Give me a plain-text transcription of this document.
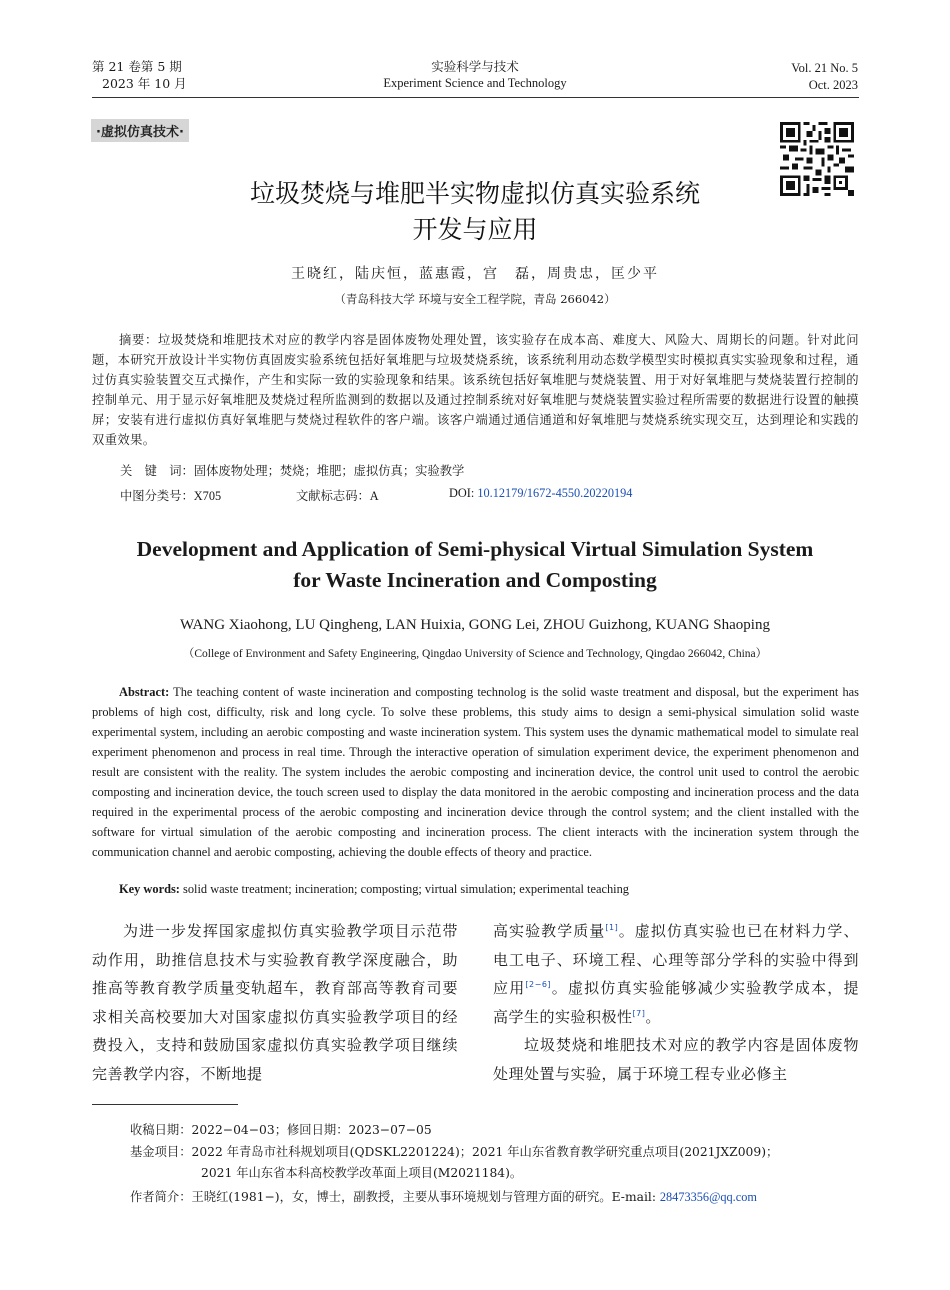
第 21 卷第 5 期
2023 年 10 月
实验科学与技术
Experiment Science and Technology
Vol. 21 No. 5
Oct. 2023
·虚拟仿真技术·
垃圾焚烧与堆肥半实物虚拟仿真实验系统
开发与应用
王晓红，陆庆恒，蓝惠霞，宫　磊，周贵忠，匡少平
（青岛科技大学 环境与安全工程学院，青岛 266042）
摘要：垃圾焚烧和堆肥技术对应的教学内容是固体废物处理处置，该实验存在成本高、难度大、风险大、周期长的问题。针对此问题，本研究开放设计半实物仿真固废实验系统包括好氧堆肥与垃圾焚烧系统，该系统利用动态数学模型实时模拟真实实验现象和过程，通过仿真实验装置交互式操作，产生和实际一致的实验现象和结果。该系统包括好氧堆肥与焚烧装置、用于对好氧堆肥与焚烧装置行控制的控制单元、用于显示好氧堆肥及焚烧过程所监测到的数据以及通过控制系统对好氧堆肥与焚烧装置实验过程所需要的数据进行设置的触摸屏；安装有进行虚拟仿真好氧堆肥与焚烧过程软件的客户端。该客户端通过通信通道和好氧堆肥与焚烧系统实现交互，达到理论和实践的双重效果。
关　键　词：固体废物处理；焚烧；堆肥；虚拟仿真；实验教学
中图分类号：X705	文献标志码：A	DOI: 10.12179/1672-4550.20220194
Development and Application of Semi-physical Virtual Simulation System
for Waste Incineration and Composting
WANG Xiaohong, LU Qingheng, LAN Huixia, GONG Lei, ZHOU Guizhong, KUANG Shaoping
（College of Environment and Safety Engineering, Qingdao University of Science and Technology, Qingdao 266042, China）
Abstract: The teaching content of waste incineration and composting technolog is the solid waste treatment and disposal, but the experiment has problems of high cost, difficulty, risk and long cycle. To solve these problems, this study aims to design a semi-physical simulation solid waste experimental system, including an aerobic composting and waste incineration system. This system uses the dynamic mathematical model to simulate real experiment phenomenon and process in real time. Through the interactive operation of simulation experiment device, the experiment phenomenon and result are consistent with the reality. The system includes the aerobic composting and incineration device, the control unit used to control the aerobic composting and incineration device, the touch screen used to display the data monitored in the aerobic composting and incineration process and the data required in the experimental process of the aerobic composting and incineration device through the control system; and the client installed with the software for virtual simulation of the aerobic composting and incineration process. The client interacts with the incineration system through the communication channel and aerobic composting, achieving the double effects of theory and practice.
Key words: solid waste treatment; incineration; composting; virtual simulation; experimental teaching

为进一步发挥国家虚拟仿真实验教学项目示范带动作用，助推信息技术与实验教育教学深度融合，助推高等教育教学质量变轨超车，教育部高等教育司要求相关高校要加大对国家虚拟仿真实验教学项目的经费投入，支持和鼓励国家虚拟仿真实验教学项目继续完善教学内容，不断地提

高实验教学质量[1]。虚拟仿真实验也已在材料力学、电工电子、环境工程、心理等部分学科的实验中得到应用[2−6]。虚拟仿真实验能够减少实验教学成本，提高学生的实验积极性[7]。

垃圾焚烧和堆肥技术对应的教学内容是固体废物处理处置与实验，属于环境工程专业必修主

收稿日期：2022−04−03；修回日期：2023−07−05
基金项目：2022 年青岛市社科规划项目(QDSKL2201224)；2021 年山东省教育教学研究重点项目(2021JXZ009)；
2021 年山东省本科高校教学改革面上项目(M2021184)。
作者简介：王晓红(1981−)，女，博士，副教授，主要从事环境规划与管理方面的研究。E-mail: 28473356@qq.com
